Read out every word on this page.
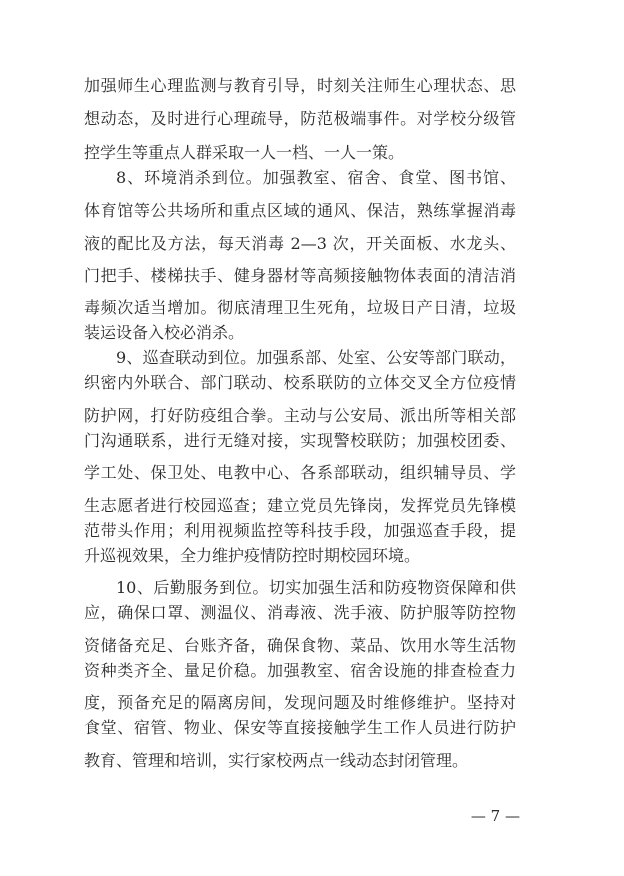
加强师生心理监测与教育引导，时刻关注师生心理状态、思
想动态，及时进行心理疏导，防范极端事件。对学校分级管
控学生等重点人群采取一人一档、一人一策。
8、环境消杀到位。加强教室、宿舍、食堂、图书馆、
体育馆等公共场所和重点区域的通风、保洁，熟练掌握消毒
液的配比及方法，每天消毒 2—3 次，开关面板、水龙头、
门把手、楼梯扶手、健身器材等高频接触物体表面的清洁消
毒频次适当增加。彻底清理卫生死角，垃圾日产日清，垃圾
装运设备入校必消杀。
9、巡查联动到位。加强系部、处室、公安等部门联动，
织密内外联合、部门联动、校系联防的立体交叉全方位疫情
防护网，打好防疫组合拳。主动与公安局、派出所等相关部
门沟通联系，进行无缝对接，实现警校联防；加强校团委、
学工处、保卫处、电教中心、各系部联动，组织辅导员、学
生志愿者进行校园巡查；建立党员先锋岗，发挥党员先锋模
范带头作用；利用视频监控等科技手段，加强巡查手段，提
升巡视效果，全力维护疫情防控时期校园环境。
10、后勤服务到位。切实加强生活和防疫物资保障和供
应，确保口罩、测温仪、消毒液、洗手液、防护服等防控物
资储备充足、台账齐备，确保食物、菜品、饮用水等生活物
资种类齐全、量足价稳。加强教室、宿舍设施的排查检查力
度，预备充足的隔离房间，发现问题及时维修维护。坚持对
食堂、宿管、物业、保安等直接接触学生工作人员进行防护
教育、管理和培训，实行家校两点一线动态封闭管理。
— 7 —
